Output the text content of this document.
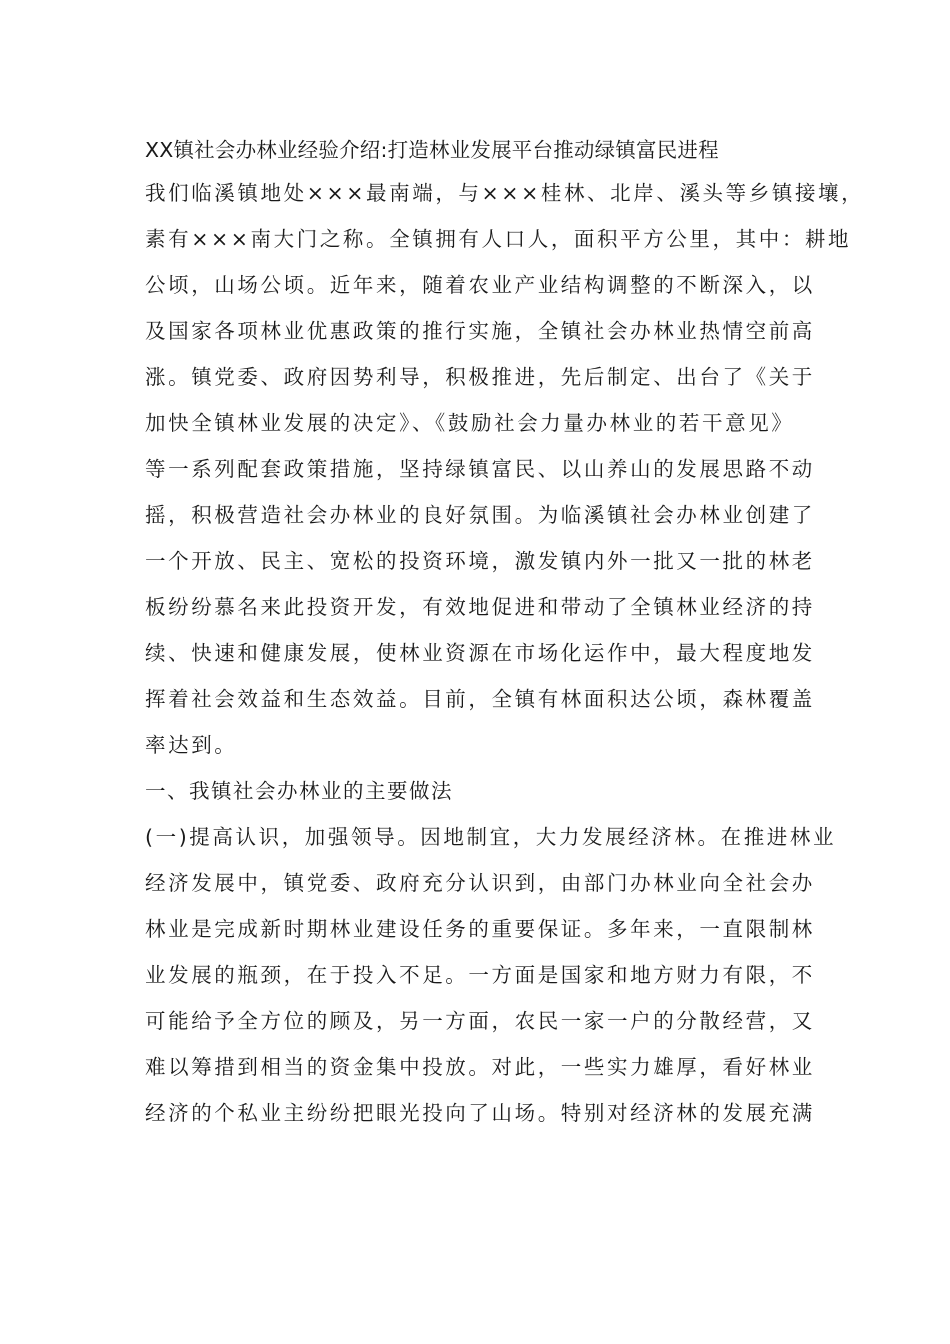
XX镇社会办林业经验介绍:打造林业发展平台推动绿镇富民进程

我们临溪镇地处×××最南端，与×××桂林、北岸、溪头等乡镇接壤，

素有×××南大门之称。全镇拥有人口人，面积平方公里，其中：耕地

公顷，山场公顷。近年来，随着农业产业结构调整的不断深入，以

及国家各项林业优惠政策的推行实施，全镇社会办林业热情空前高

涨。镇党委、政府因势利导，积极推进，先后制定、出台了《关于

加快全镇林业发展的决定》、《鼓励社会力量办林业的若干意见》

等一系列配套政策措施，坚持绿镇富民、以山养山的发展思路不动

摇，积极营造社会办林业的良好氛围。为临溪镇社会办林业创建了

一个开放、民主、宽松的投资环境，激发镇内外一批又一批的林老

板纷纷慕名来此投资开发，有效地促进和带动了全镇林业经济的持

续、快速和健康发展，使林业资源在市场化运作中，最大程度地发

挥着社会效益和生态效益。目前，全镇有林面积达公顷，森林覆盖

率达到。

一、我镇社会办林业的主要做法

(一)提高认识，加强领导。因地制宜，大力发展经济林。在推进林业

经济发展中，镇党委、政府充分认识到，由部门办林业向全社会办

林业是完成新时期林业建设任务的重要保证。多年来，一直限制林

业发展的瓶颈，在于投入不足。一方面是国家和地方财力有限，不

可能给予全方位的顾及，另一方面，农民一家一户的分散经营，又

难以筹措到相当的资金集中投放。对此，一些实力雄厚，看好林业

经济的个私业主纷纷把眼光投向了山场。特别对经济林的发展充满
